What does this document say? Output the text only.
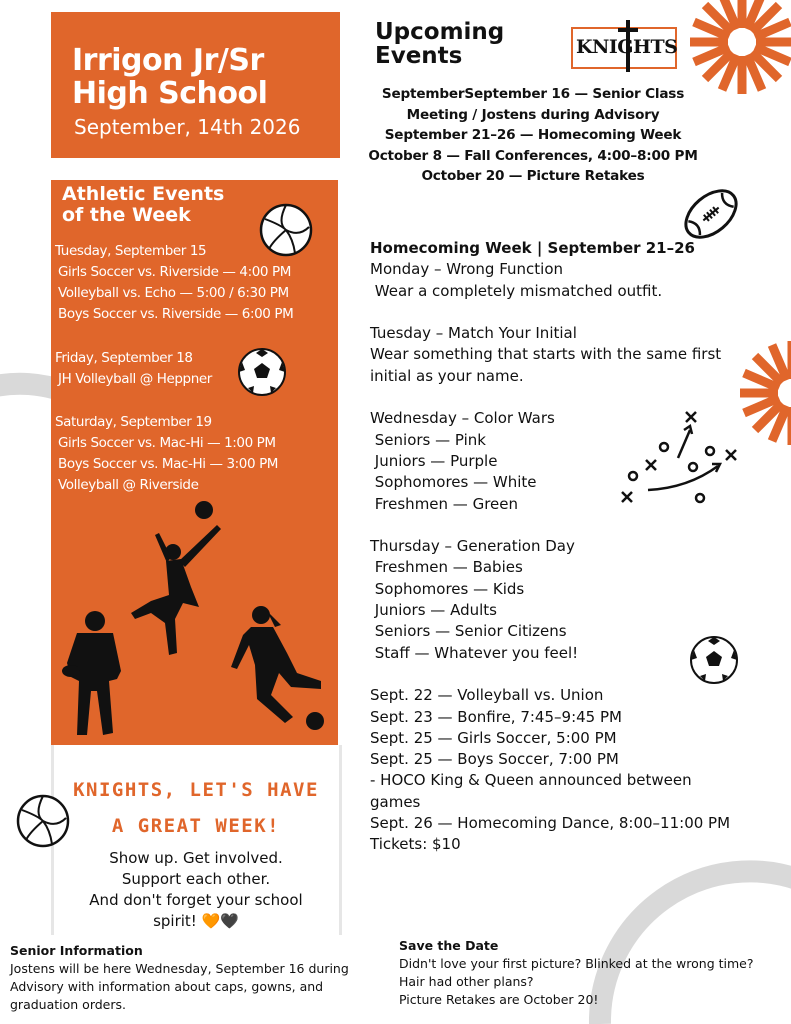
Irrigon Jr/Sr
High School
September, 14th 2026
Upcoming
Events	KNIGHTS
SeptemberSeptember 16 — Senior Class
Meeting / Jostens during Advisory
September 21–26 — Homecoming Week
October 8 — Fall Conferences, 4:00–8:00 PM
October 20 — Picture Retakes
Athletic Events
of the Week
Tuesday, September 15
Girls Soccer vs. Riverside — 4:00 PM
Volleyball vs. Echo — 5:00 / 6:30 PM
Boys Soccer vs. Riverside — 6:00 PM
Friday, September 18
JH Volleyball @ Heppner
Saturday, September 19
Girls Soccer vs. Mac-Hi — 1:00 PM
Boys Soccer vs. Mac-Hi — 3:00 PM
Volleyball @ Riverside
KNIGHTS, LET'S HAVE
A GREAT WEEK!
Show up. Get involved.
Support each other.
And don't forget your school
spirit! 🧡🖤
Homecoming Week | September 21–26
Monday – Wrong Function
Wear a completely mismatched outfit.
Tuesday – Match Your Initial
Wear something that starts with the same first initial as your name.
Wednesday – Color Wars
Seniors — Pink
Juniors — Purple
Sophomores — White
Freshmen — Green
Thursday – Generation Day
Freshmen — Babies
Sophomores — Kids
Juniors — Adults
Seniors — Senior Citizens
Staff — Whatever you feel!
Sept. 22 — Volleyball vs. Union
Sept. 23 — Bonfire, 7:45–9:45 PM
Sept. 25 — Girls Soccer, 5:00 PM
Sept. 25 — Boys Soccer, 7:00 PM
- HOCO King & Queen announced between games
Sept. 26 — Homecoming Dance, 8:00–11:00 PM
Tickets: $10
Senior Information
Jostens will be here Wednesday, September 16 during Advisory with information about caps, gowns, and graduation orders.
Save the Date
Didn't love your first picture? Blinked at the wrong time?
Hair had other plans?
Picture Retakes are October 20!
